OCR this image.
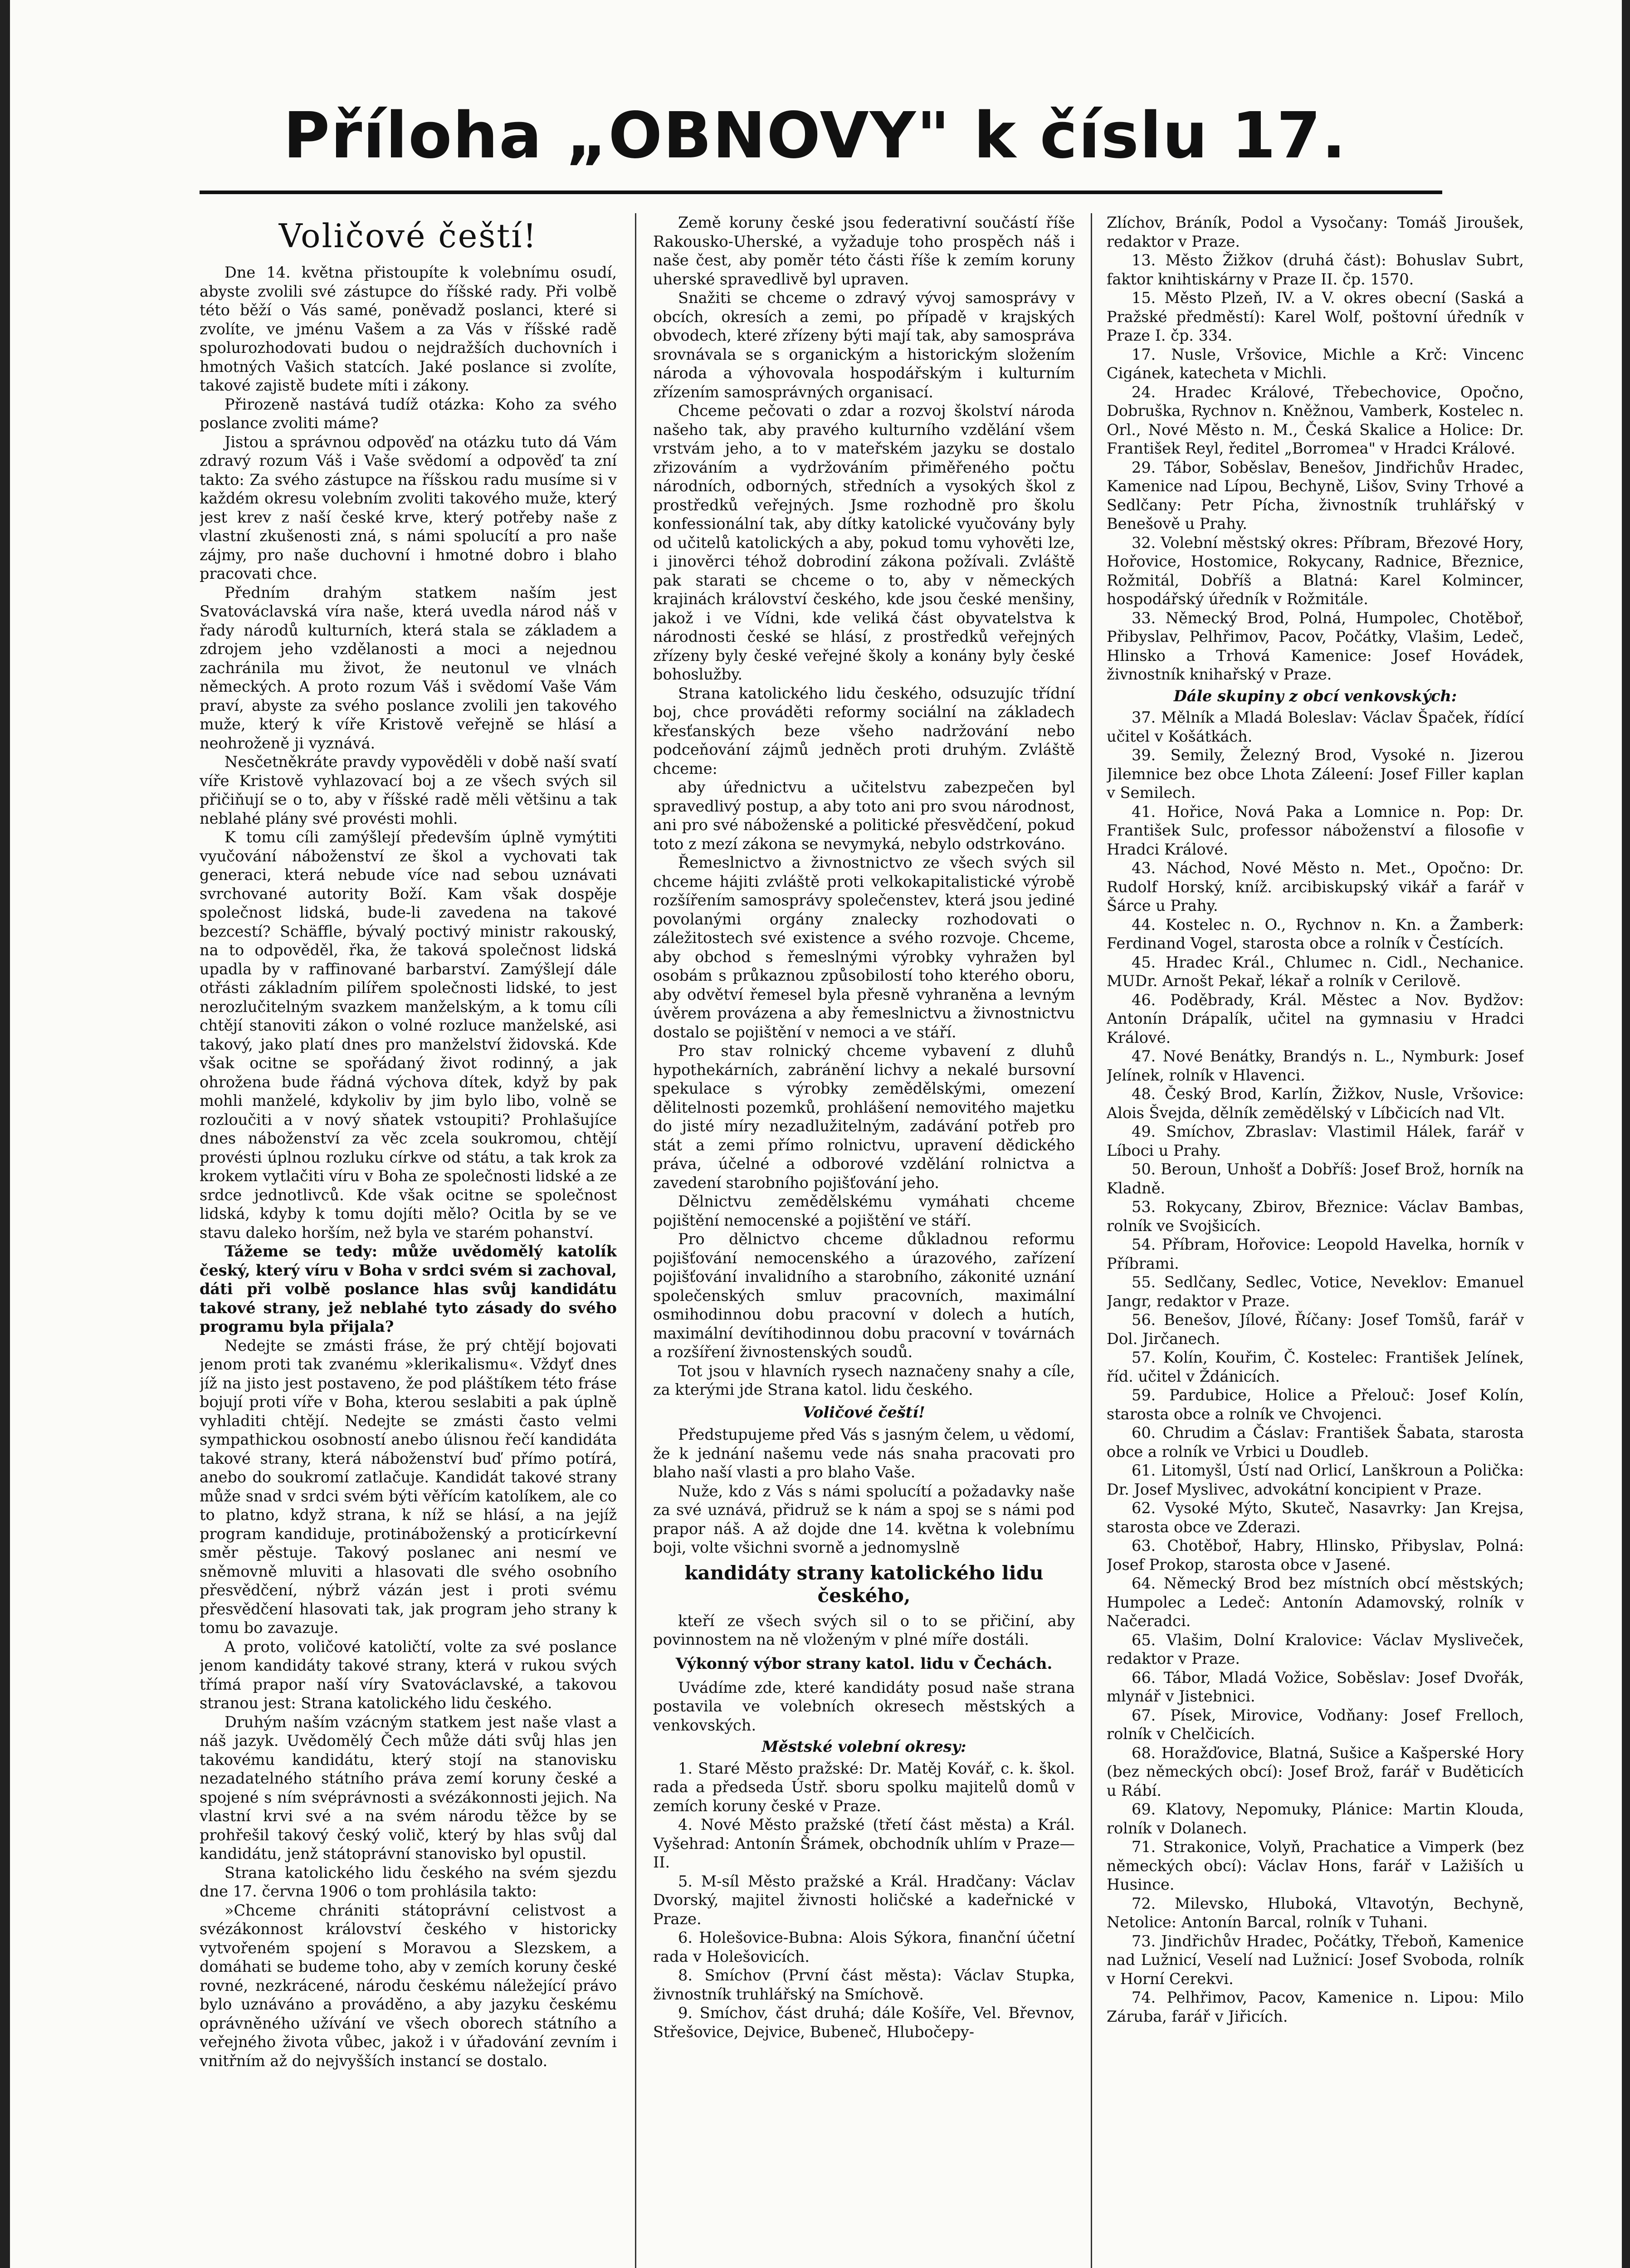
Příloha „OBNOVY" k číslu 17.
Voličové čeští!

Dne 14. května přistoupíte k volebnímu osudí, abyste zvolili své zástupce do říšské rady. Při volbě této běží o Vás samé, poněvadž poslanci, které si zvolíte, ve jménu Vašem a za Vás v říšské radě spolurozhodovati budou o nejdražších duchovních i hmotných Vašich statcích. Jaké poslance si zvolíte, takové zajistě budete míti i zákony.

Přirozeně nastává tudíž otázka: Koho za svého poslance zvoliti máme?

Jistou a správnou odpověď na otázku tuto dá Vám zdravý rozum Váš i Vaše svědomí a odpověď ta zní takto: Za svého zástupce na říšskou radu musíme si v každém okresu volebním zvoliti takového muže, který jest krev z naší české krve, který potřeby naše z vlastní zkušenosti zná, s námi spolucítí a pro naše zájmy, pro naše duchovní i hmotné dobro i blaho pracovati chce.

Předním drahým statkem naším jest Svatováclavská víra naše, která uvedla národ náš v řady národů kulturních, která stala se základem a zdrojem jeho vzdělanosti a moci a nejednou zachránila mu život, že neutonul ve vlnách německých. A proto rozum Váš i svědomí Vaše Vám praví, abyste za svého poslance zvolili jen takového muže, který k víře Kristově veřejně se hlásí a neohroženě ji vyznává.

Nesčetněkráte pravdy vypověděli v době naší svatí víře Kristově vyhlazovací boj a ze všech svých sil přičiňují se o to, aby v říšské radě měli většinu a tak neblahé plány své provésti mohli.

K tomu cíli zamýšlejí především úplně vymýtiti vyučování náboženství ze škol a vychovati tak generaci, která nebude více nad sebou uznávati svrchované autority Boží. Kam však dospěje společnost lidská, bude-li zavedena na takové bezcestí? Schäffle, bývalý poctivý ministr rakouský, na to odpověděl, řka, že taková společnost lidská upadla by v raffinované barbarství. Zamýšlejí dále otřásti základním pilířem společnosti lidské, to jest nerozlučitelným svazkem manželským, a k tomu cíli chtějí stanoviti zákon o volné rozluce manželské, asi takový, jako platí dnes pro manželství židovská. Kde však ocitne se spořádaný život rodinný, a jak ohrožena bude řádná výchova dítek, když by pak mohli manželé, kdykoliv by jim bylo libo, volně se rozloučiti a v nový sňatek vstoupiti? Prohlašujíce dnes náboženství za věc zcela soukromou, chtějí provésti úplnou rozluku církve od státu, a tak krok za krokem vytlačiti víru v Boha ze společnosti lidské a ze srdce jednotlivců. Kde však ocitne se společnost lidská, kdyby k tomu dojíti mělo? Ocitla by se ve stavu daleko horším, než byla ve starém pohanství.

Tážeme se tedy: může uvědomělý katolík český, který víru v Boha v srdci svém si zachoval, dáti při volbě poslance hlas svůj kandidátu takové strany, jež neblahé tyto zásady do svého programu byla přijala?

Nedejte se zmásti fráse, že prý chtějí bojovati jenom proti tak zvanému »klerikalismu«. Vždyť dnes jíž na jisto jest postaveno, že pod pláštíkem této fráse bojují proti víře v Boha, kterou seslabiti a pak úplně vyhladiti chtějí. Nedejte se zmásti často velmi sympathickou osobností anebo úlisnou řečí kandidáta takové strany, která náboženství buď přímo potírá, anebo do soukromí zatlačuje. Kandidát takové strany může snad v srdci svém býti věřícím katolíkem, ale co to platno, když strana, k níž se hlásí, a na jejíž program kandiduje, protináboženský a proticírkevní směr pěstuje. Takový poslanec ani nesmí ve sněmovně mluviti a hlasovati dle svého osobního přesvědčení, nýbrž vázán jest i proti svému přesvědčení hlasovati tak, jak program jeho strany k tomu bo zavazuje.

A proto, voličové katoličtí, volte za své poslance jenom kandidáty takové strany, která v rukou svých třímá prapor naší víry Svatováclavské, a takovou stranou jest: Strana katolického lidu českého.

Druhým naším vzácným statkem jest naše vlast a náš jazyk. Uvědomělý Čech může dáti svůj hlas jen takovému kandidátu, který stojí na stanovisku nezadatelného státního práva zemí koruny české a spojené s ním svéprávnosti a svézákonnosti jejich. Na vlastní krvi své a na svém národu těžce by se prohřešil takový český volič, který by hlas svůj dal kandidátu, jenž státoprávní stanovisko byl opustil.

Strana katolického lidu českého na svém sjezdu dne 17. června 1906 o tom prohlásila takto:

»Chceme chrániti státoprávní celistvost a svézákonnost království českého v historicky vytvořeném spojení s Moravou a Slezskem, a domáhati se budeme toho, aby v zemích koruny české rovné, nezkrácené, národu českému náležející právo bylo uznáváno a prováděno, a aby jazyku českému oprávněného užívání ve všech oborech státního a veřejného života vůbec, jakož i v úřadování zevním i vnitřním až do nejvyšších instancí se dostalo.

Země koruny české jsou federativní součástí říše Rakousko-Uherské, a vyžaduje toho prospěch náš i naše čest, aby poměr této části říše k zemím koruny uherské spravedlivě byl upraven.

Snažiti se chceme o zdravý vývoj samosprávy v obcích, okresích a zemi, po případě v krajských obvodech, které zřízeny býti mají tak, aby samospráva srovnávala se s organickým a historickým složením národa a výhovovala hospodářským i kulturním zřízením samosprávných organisací.

Chceme pečovati o zdar a rozvoj školství národa našeho tak, aby pravého kulturního vzdělání všem vrstvám jeho, a to v mateřském jazyku se dostalo zřizováním a vydržováním přiměřeného počtu národních, odborných, středních a vysokých škol z prostředků veřejných. Jsme rozhodně pro školu konfessionální tak, aby dítky katolické vyučovány byly od učitelů katolických a aby, pokud tomu vyhověti lze, i jinověrci téhož dobrodiní zákona požívali. Zvláště pak starati se chceme o to, aby v německých krajinách království českého, kde jsou české menšiny, jakož i ve Vídni, kde veliká část obyvatelstva k národnosti české se hlásí, z prostředků veřejných zřízeny byly české veřejné školy a konány byly české bohoslužby.

Strana katolického lidu českého, odsuzujíc třídní boj, chce prováděti reformy sociální na základech křesťanských beze všeho nadržování nebo podceňování zájmů jedněch proti druhým. Zvláště chceme:

aby úřednictvu a učitelstvu zabezpečen byl spravedlivý postup, a aby toto ani pro svou národnost, ani pro své náboženské a politické přesvědčení, pokud toto z mezí zákona se nevymyká, nebylo odstrkováno.

Řemeslnictvo a živnostnictvo ze všech svých sil chceme hájiti zvláště proti velkokapitalistické výrobě rozšířením samosprávy společenstev, která jsou jediné povolanými orgány znalecky rozhodovati o záležitostech své existence a svého rozvoje. Chceme, aby obchod s řemeslnými výrobky vyhražen byl osobám s průkaznou způsobilostí toho kterého oboru, aby odvětví řemesel byla přesně vyhraněna a levným úvěrem provázena a aby řemeslnictvu a živnostnictvu dostalo se pojištění v nemoci a ve stáří.

Pro stav rolnický chceme vybavení z dluhů hypothekárních, zabránění lichvy a nekalé bursovní spekulace s výrobky zemědělskými, omezení dělitelnosti pozemků, prohlášení nemovitého majetku do jisté míry nezadlužitelným, zadávání potřeb pro stát a zemi přímo rolnictvu, upravení dědického práva, účelné a odborové vzdělání rolnictva a zavedení starobního pojišťování jeho.

Dělnictvu zemědělskému vymáhati chceme pojištění nemocenské a pojištění ve stáří.

Pro dělnictvo chceme důkladnou reformu pojišťování nemocenského a úrazového, zařízení pojišťování invalidního a starobního, zákonité uznání společenských smluv pracovních, maximální osmihodinnou dobu pracovní v dolech a hutích, maximální devítihodinnou dobu pracovní v továrnách a rozšíření živnostenských soudů.

Tot jsou v hlavních rysech naznačeny snahy a cíle, za kterými jde Strana katol. lidu českého.

Voličové čeští!

Předstupujeme před Vás s jasným čelem, u vědomí, že k jednání našemu vede nás snaha pracovati pro blaho naší vlasti a pro blaho Vaše.

Nuže, kdo z Vás s námi spolucítí a požadavky naše za své uznává, přidruž se k nám a spoj se s námi pod prapor náš. A až dojde dne 14. května k volebnímu boji, volte všichni svorně a jednomyslně

kandidáty strany katolického lidu českého,

kteří ze všech svých sil o to se přičiní, aby povinnostem na ně vloženým v plné míře dostáli.

Výkonný výbor strany katol. lidu v Čechách.

Uvádíme zde, které kandidáty posud naše strana postavila ve volebních okresech městských a venkovských.

Městské volební okresy:

1. Staré Město pražské: Dr. Matěj Kovář, c. k. škol. rada a předseda Ústř. sboru spolku majitelů domů v zemích koruny české v Praze.

4. Nové Město pražské (třetí část města) a Král. Vyšehrad: Antonín Šrámek, obchodník uhlím v Praze—II.

5. M-síl Město pražské a Král. Hradčany: Václav Dvorský, majitel živnosti holičské a kadeřnické v Praze.

6. Holešovice-Bubna: Alois Sýkora, finanční účetní rada v Holešovicích.

8. Smíchov (První část města): Václav Stupka, živnostník truhlářský na Smíchově.

9. Smíchov, část druhá; dále Košíře, Vel. Břevnov, Střešovice, Dejvice, Bubeneč, Hlubočepy-

Zlíchov, Bráník, Podol a Vysočany: Tomáš Jiroušek, redaktor v Praze.

13. Město Žižkov (druhá část): Bohuslav Subrt, faktor knihtiskárny v Praze II. čp. 1570.

15. Město Plzeň, IV. a V. okres obecní (Saská a Pražské předměstí): Karel Wolf, poštovní úředník v Praze I. čp. 334.

17. Nusle, Vršovice, Michle a Krč: Vincenc Cigánek, katecheta v Michli.

24. Hradec Králové, Třebechovice, Opočno, Dobruška, Rychnov n. Kněžnou, Vamberk, Kostelec n. Orl., Nové Město n. M., Česká Skalice a Holice: Dr. František Reyl, ředitel „Borromea" v Hradci Králové.

29. Tábor, Soběslav, Benešov, Jindřichův Hradec, Kamenice nad Lípou, Bechyně, Lišov, Sviny Trhové a Sedlčany: Petr Pícha, živnostník truhlářský v Benešově u Prahy.

32. Volební městský okres: Příbram, Březové Hory, Hořovice, Hostomice, Rokycany, Radnice, Březnice, Rožmitál, Dobříš a Blatná: Karel Kolmincer, hospodářský úředník v Rožmitále.

33. Německý Brod, Polná, Humpolec, Chotěboř, Přibyslav, Pelhřimov, Pacov, Počátky, Vlašim, Ledeč, Hlinsko a Trhová Kamenice: Josef Hovádek, živnostník knihařský v Praze.

Dále skupiny z obcí venkovských:

37. Mělník a Mladá Boleslav: Václav Špaček, řídící učitel v Košátkách.

39. Semily, Železný Brod, Vysoké n. Jizerou Jilemnice bez obce Lhota Záleení: Josef Filler kaplan v Semilech.

41. Hořice, Nová Paka a Lomnice n. Pop: Dr. František Sulc, professor náboženství a filosofie v Hradci Králové.

43. Náchod, Nové Město n. Met., Opočno: Dr. Rudolf Horský, kníž. arcibiskupský vikář a farář v Šárce u Prahy.

44. Kostelec n. O., Rychnov n. Kn. a Žamberk: Ferdinand Vogel, starosta obce a rolník v Čestících.

45. Hradec Král., Chlumec n. Cidl., Nechanice. MUDr. Arnošt Pekař, lékař a rolník v Cerilově.

46. Poděbrady, Král. Městec a Nov. Bydžov: Antonín Drápalík, učitel na gymnasiu v Hradci Králové.

47. Nové Benátky, Brandýs n. L., Nymburk: Josef Jelínek, rolník v Hlavenci.

48. Český Brod, Karlín, Žižkov, Nusle, Vršovice: Alois Švejda, dělník zemědělský v Líbčicích nad Vlt.

49. Smíchov, Zbraslav: Vlastimil Hálek, farář v Líboci u Prahy.

50. Beroun, Unhošť a Dobříš: Josef Brož, horník na Kladně.

53. Rokycany, Zbirov, Březnice: Václav Bambas, rolník ve Svojšicích.

54. Příbram, Hořovice: Leopold Havelka, horník v Příbrami.

55. Sedlčany, Sedlec, Votice, Neveklov: Emanuel Jangr, redaktor v Praze.

56. Benešov, Jílové, Říčany: Josef Tomšů, farář v Dol. Jirčanech.

57. Kolín, Kouřim, Č. Kostelec: František Jelínek, říd. učitel v Ždánicích.

59. Pardubice, Holice a Přelouč: Josef Kolín, starosta obce a rolník ve Chvojenci.

60. Chrudim a Čáslav: František Šabata, starosta obce a rolník ve Vrbici u Doudleb.

61. Litomyšl, Ústí nad Orlicí, Lanškroun a Polička: Dr. Josef Myslivec, advokátní koncipient v Praze.

62. Vysoké Mýto, Skuteč, Nasavrky: Jan Krejsa, starosta obce ve Zderazi.

63. Chotěboř, Habry, Hlinsko, Přibyslav, Polná: Josef Prokop, starosta obce v Jasené.

64. Německý Brod bez místních obcí městských; Humpolec a Ledeč: Antonín Adamovský, rolník v Načeradci.

65. Vlašim, Dolní Kralovice: Václav Mysliveček, redaktor v Praze.

66. Tábor, Mladá Vožice, Soběslav: Josef Dvořák, mlynář v Jistebnici.

67. Písek, Mirovice, Vodňany: Josef Frelloch, rolník v Chelčicích.

68. Horažďovice, Blatná, Sušice a Kašperské Hory (bez německých obcí): Josef Brož, farář v Buděticích u Rábí.

69. Klatovy, Nepomuky, Plánice: Martin Klouda, rolník v Dolanech.

71. Strakonice, Volyň, Prachatice a Vimperk (bez německých obcí): Václav Hons, farář v Lažiších u Husince.

72. Milevsko, Hluboká, Vltavotýn, Bechyně, Netolice: Antonín Barcal, rolník v Tuhani.

73. Jindřichův Hradec, Počátky, Třeboň, Kamenice nad Lužnicí, Veselí nad Lužnicí: Josef Svoboda, rolník v Horní Cerekvi.

74. Pelhřimov, Pacov, Kamenice n. Lipou: Milo Záruba, farář v Jiřicích.
